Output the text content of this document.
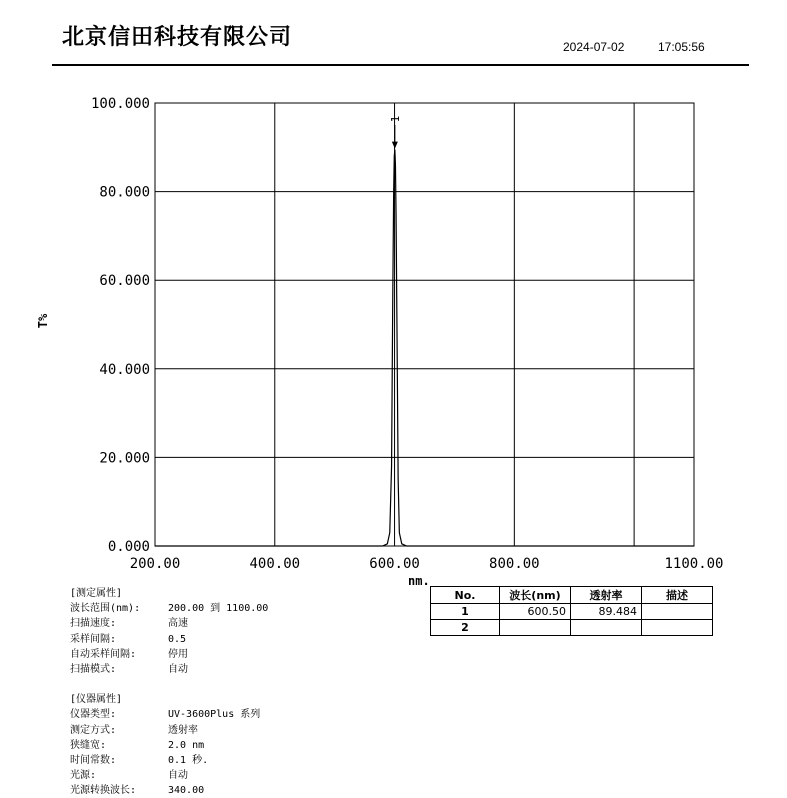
北京信田科技有限公司	2024-07-02	17:05:56
0.000
20.000
40.000
60.000
80.000
100.000
200.00	400.00	600.00	800.00	1100.00
1
T%
nm.
No.	波长(nm)	透射率	描述
1	600.50	89.484	
2			
[测定属性]
波长范围(nm):	200.00 到 1100.00
扫描速度:	高速
采样间隔:	0.5
自动采样间隔:	停用
扫描模式:	自动
[仪器属性]
仪器类型:	UV-3600Plus 系列
测定方式:	透射率
狭缝宽:	2.0 nm
时间常数:	0.1 秒.
光源:	自动
光源转换波长:	340.00
